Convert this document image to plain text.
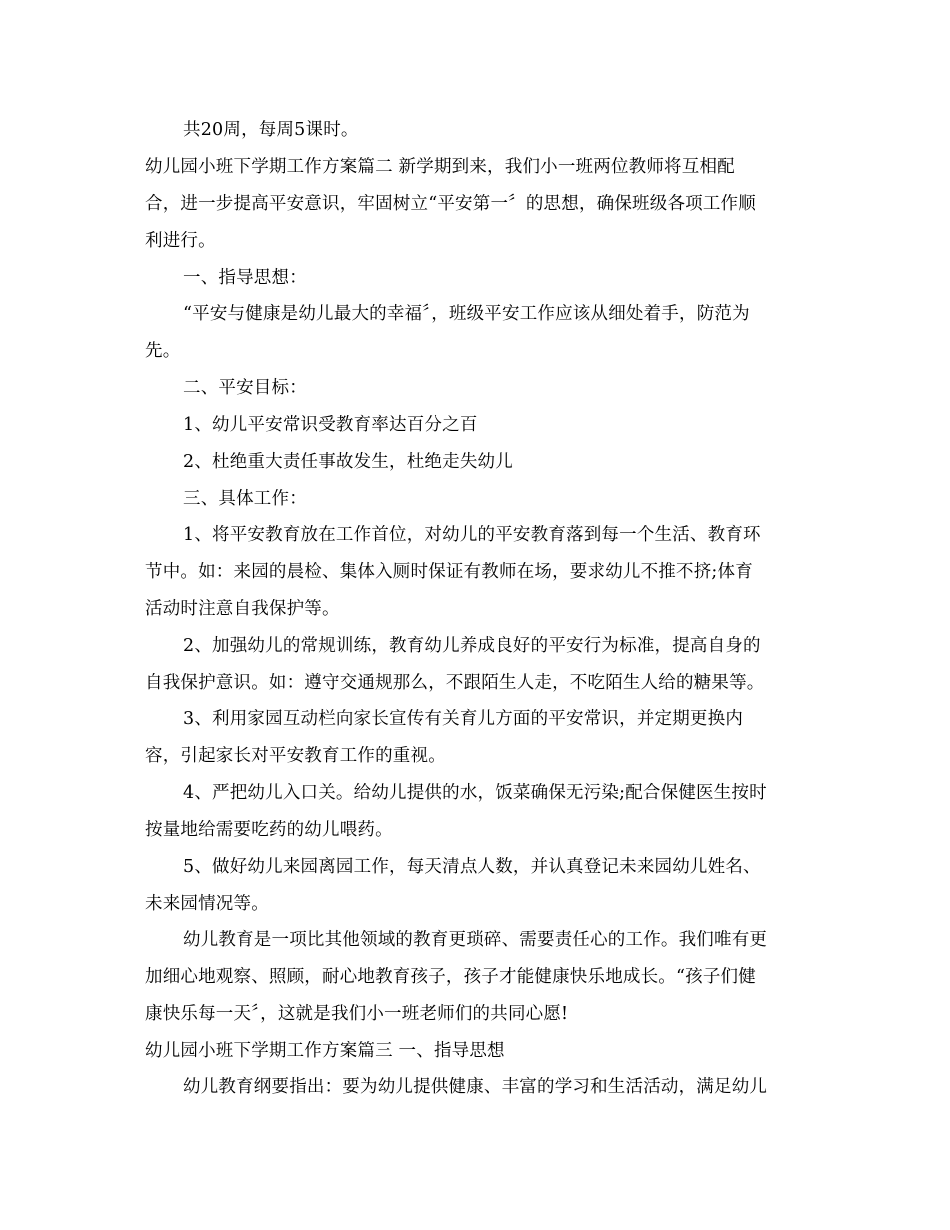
共20周，每周5课时。
幼儿园小班下学期工作方案篇二 新学期到来，我们小一班两位教师将互相配
合，进一步提高平安意识，牢固树立“平安第一〞的思想，确保班级各项工作顺
利进行。
一、指导思想：
“平安与健康是幼儿最大的幸福〞，班级平安工作应该从细处着手，防范为
先。
二、平安目标：
1、幼儿平安常识受教育率达百分之百
2、杜绝重大责任事故发生，杜绝走失幼儿
三、具体工作：
1、将平安教育放在工作首位，对幼儿的平安教育落到每一个生活、教育环
节中。如：来园的晨检、集体入厕时保证有教师在场，要求幼儿不推不挤;体育
活动时注意自我保护等。
2、加强幼儿的常规训练，教育幼儿养成良好的平安行为标准，提高自身的
自我保护意识。如：遵守交通规那么，不跟陌生人走，不吃陌生人给的糖果等。
3、利用家园互动栏向家长宣传有关育儿方面的平安常识，并定期更换内
容，引起家长对平安教育工作的重视。
4、严把幼儿入口关。给幼儿提供的水，饭菜确保无污染;配合保健医生按时
按量地给需要吃药的幼儿喂药。
5、做好幼儿来园离园工作，每天清点人数，并认真登记未来园幼儿姓名、
未来园情况等。
幼儿教育是一项比其他领域的教育更琐碎、需要责任心的工作。我们唯有更
加细心地观察、照顾，耐心地教育孩子，孩子才能健康快乐地成长。“孩子们健
康快乐每一天〞，这就是我们小一班老师们的共同心愿!
幼儿园小班下学期工作方案篇三 一、指导思想
幼儿教育纲要指出：要为幼儿提供健康、丰富的学习和生活活动，满足幼儿
